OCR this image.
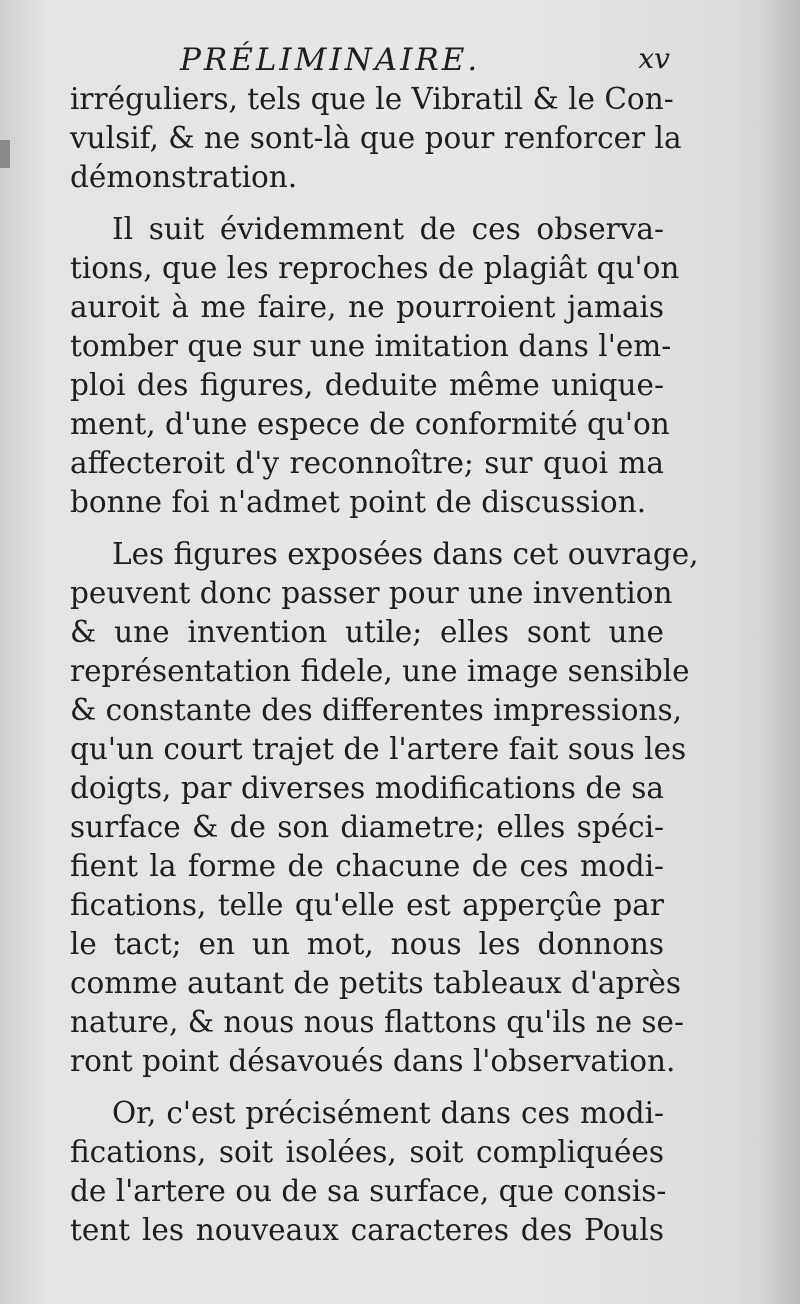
PRÉLIMINAIRE.	xv
irréguliers, tels que le Vibratil & le Con-
vulsif, & ne sont-là que pour renforcer la
démonstration.
Il suit évidemment de ces observa-
tions, que les reproches de plagiât qu'on
auroit à me faire, ne pourroient jamais
tomber que sur une imitation dans l'em-
ploi des figures, deduite même unique-
ment, d'une espece de conformité qu'on
affecteroit d'y reconnoître; sur quoi ma
bonne foi n'admet point de discussion.
Les figures exposées dans cet ouvrage,
peuvent donc passer pour une invention
& une invention utile; elles sont une
représentation fidele, une image sensible
& constante des differentes impressions,
qu'un court trajet de l'artere fait sous les
doigts, par diverses modifications de sa
surface & de son diametre; elles spéci-
fient la forme de chacune de ces modi-
fications, telle qu'elle est apperçûe par
le tact; en un mot, nous les donnons
comme autant de petits tableaux d'après
nature, & nous nous flattons qu'ils ne se-
ront point désavoués dans l'observation.
Or, c'est précisément dans ces modi-
fications, soit isolées, soit compliquées
de l'artere ou de sa surface, que consis-
tent les nouveaux caracteres des Pouls
